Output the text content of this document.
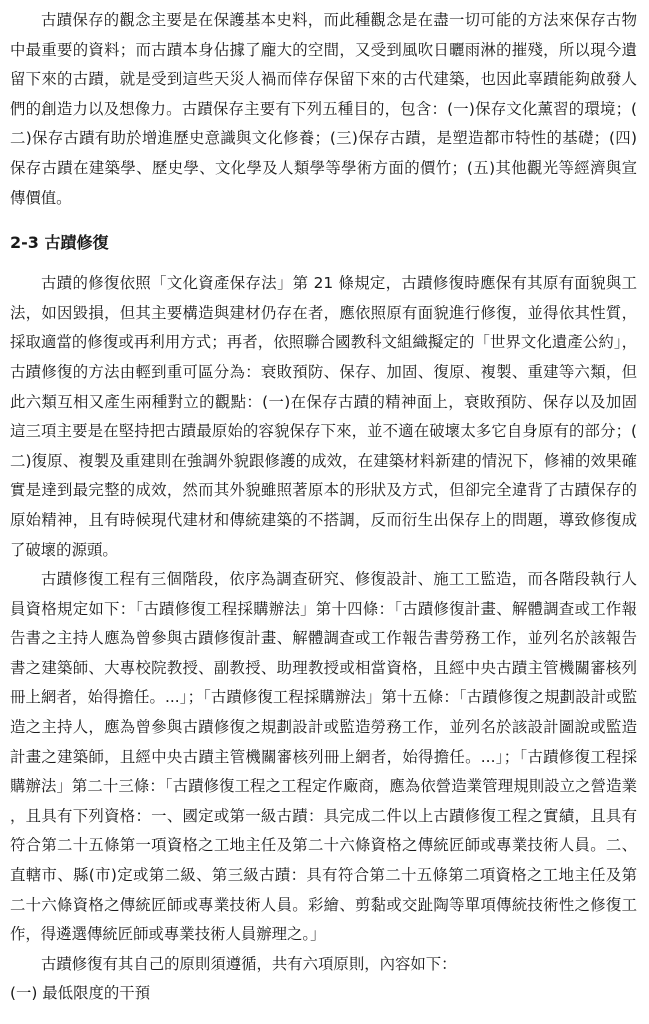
古蹟保存的觀念主要是在保護基本史料，而此種觀念是在盡一切可能的方法來保存古物中最重要的資料；而古蹟本身佔據了龐大的空間，又受到風吹日曬雨淋的摧殘，所以現今遺留下來的古蹟，就是受到這些天災人禍而倖存保留下來的古代建築，也因此辜蹟能夠啟發人們的創造力以及想像力。古蹟保存主要有下列五種目的，包含：(一)保存文化薰習的環境；(二)保存古蹟有助於增進歷史意識與文化修養；(三)保存古蹟，是塑造都市特性的基礎；(四)保存古蹟在建築學、歷史學、文化學及人類學等學術方面的價竹；(五)其他觀光等經濟與宣傳價值。

2-3 古蹟修復

古蹟的修復依照「文化資產保存法」第 21 條規定，古蹟修復時應保有其原有面貌與工法，如因毀損，但其主要構造與建材仍存在者，應依照原有面貌進行修復，並得依其性質，採取適當的修復或再利用方式；再者，依照聯合國教科文組織擬定的「世界文化遺產公約」，古蹟修復的方法由輕到重可區分為：衰敗預防、保存、加固、復原、複製、重建等六類，但此六類互相又產生兩種對立的觀點：(一)在保存古蹟的精神面上，衰敗預防、保存以及加固這三項主要是在堅持把古蹟最原始的容貌保存下來，並不適在破壞太多它自身原有的部分；(二)復原、複製及重建則在強調外貌跟修護的成效，在建築材料新建的情況下，修補的效果確實是達到最完整的成效，然而其外貌雖照著原本的形狀及方式，但卻完全違背了古蹟保存的原始精神，且有時候現代建材和傳統建築的不搭調，反而衍生出保存上的問題，導致修復成了破壞的源頭。

古蹟修復工程有三個階段，依序為調查研究、修復設計、施工工監造，而各階段執行人員資格規定如下：「古蹟修復工程採購辦法」第十四條：「古蹟修復計畫、解體調查或工作報告書之主持人應為曾參與古蹟修復計畫、解體調查或工作報告書勞務工作，並列名於該報告書之建築師、大專校院教授、副教授、助理教授或相當資格，且經中央古蹟主管機關審核列冊上網者，始得擔任。...」；「古蹟修復工程採購辦法」第十五條：「古蹟修復之規劃設計或監造之主持人，應為曾參與古蹟修復之規劃設計或監造勞務工作，並列名於該設計圖說或監造計畫之建築師，且經中央古蹟主管機關審核列冊上網者，始得擔任。...」；「古蹟修復工程採購辦法」第二十三條：「古蹟修復工程之工程定作廠商，應為依營造業管理規則設立之營造業，且具有下列資格：一、國定或第一級古蹟：具完成二件以上古蹟修復工程之實績，且具有符合第二十五條第一項資格之工地主任及第二十六條資格之傳統匠師或專業技術人員。二、直轄市、縣(市)定或第二級、第三級古蹟：具有符合第二十五條第二項資格之工地主任及第二十六條資格之傳統匠師或專業技術人員。彩繪、剪黏或交趾陶等單項傳統技術性之修復工作，得遴選傳統匠師或專業技術人員辦理之。」

古蹟修復有其自己的原則須遵循，共有六項原則，內容如下：

(一) 最低限度的干預
